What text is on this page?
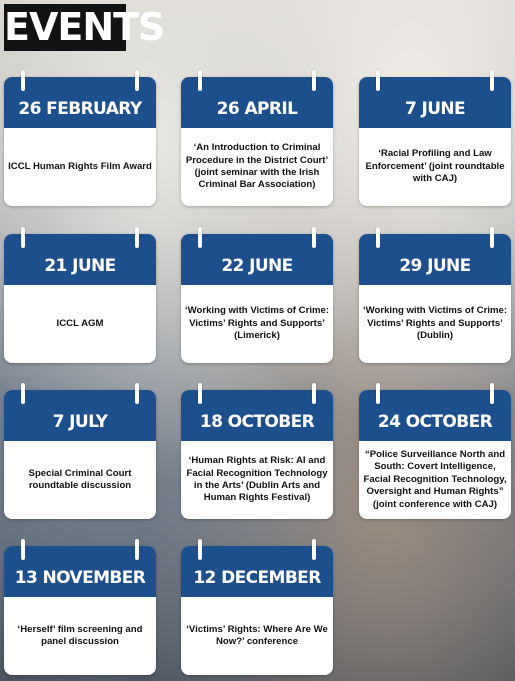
EVENTS
26 FEBRUARY
ICCL Human Rights Film Award
26 APRIL
‘An Introduction to Criminal Procedure in the District Court’ (joint seminar with the Irish Criminal Bar Association)
7 JUNE
‘Racial Profiling and Law Enforcement’ (joint roundtable with CAJ)
21 JUNE
ICCL AGM
22 JUNE
‘Working with Victims of Crime: Victims’ Rights and Supports’ (Limerick)
29 JUNE
‘Working with Victims of Crime: Victims’ Rights and Supports’ (Dublin)
7 JULY
Special Criminal Court roundtable discussion
18 OCTOBER
‘Human Rights at Risk: AI and Facial Recognition Technology in the Arts’ (Dublin Arts and Human Rights Festival)
24 OCTOBER
“Police Surveillance North and South: Covert Intelligence, Facial Recognition Technology, Oversight and Human Rights” (joint conference with CAJ)
13 NOVEMBER
‘Herself’ film screening and panel discussion
12 DECEMBER
‘Victims’ Rights: Where Are We Now?’ conference
